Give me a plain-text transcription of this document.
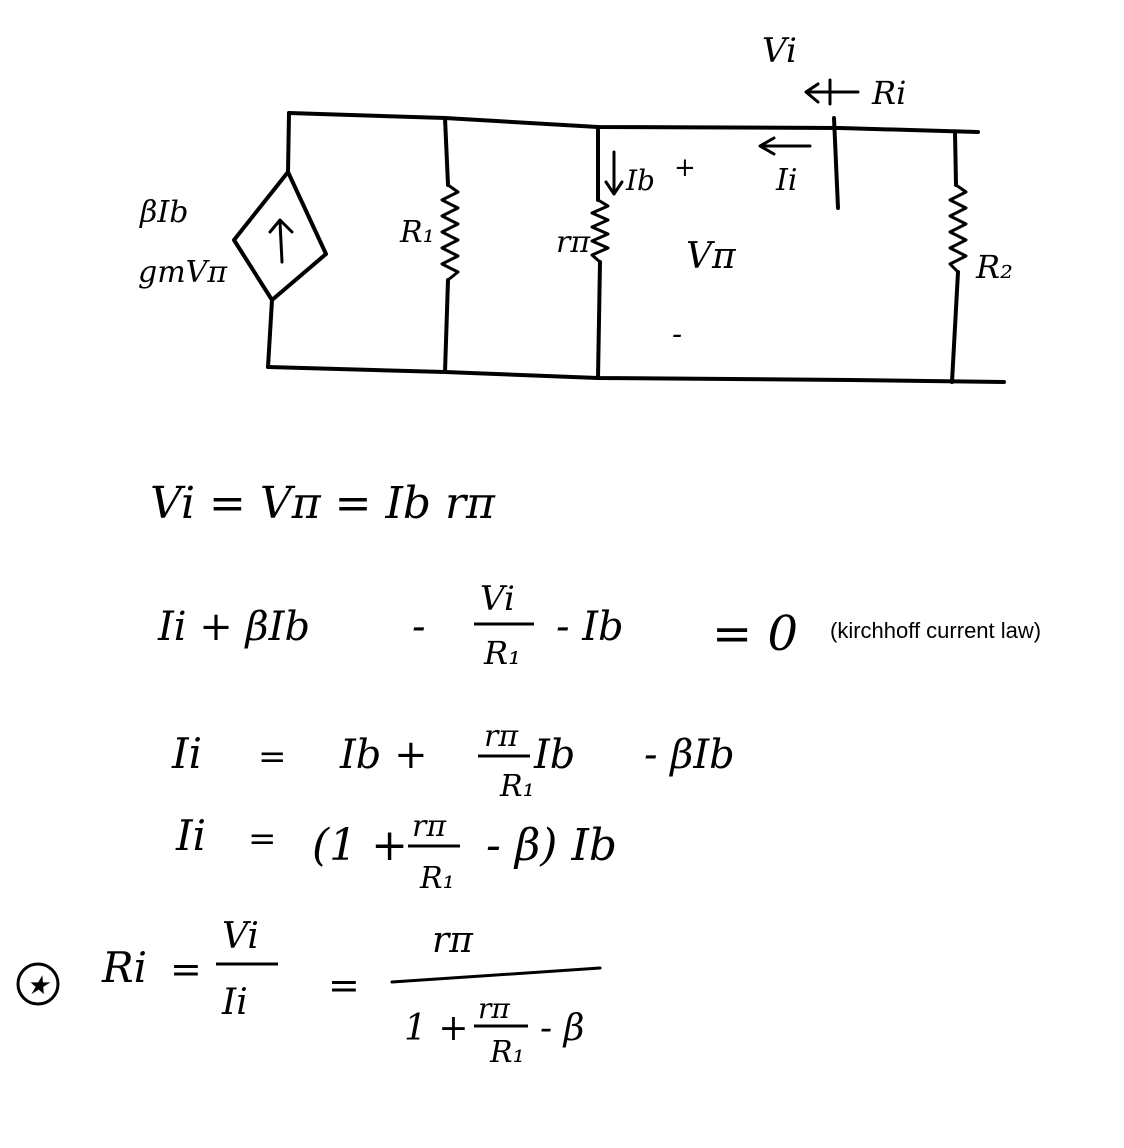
βIb
gmVπ
R₁	rπ
Ib +
Vπ
-
Ii
Vi
Ri
R₂
Vi = Vπ = Ib rπ
Ii + βIb	-
Vi
R₁
- Ib = 0 (kirchhoff current law)
Ii = Ib + rπ
R₁
Ib - βIb
Ii = (1 + rπ
R₁
- β) Ib
★ Ri =
Vi
Ii =
rπ
1 + rπ
R₁
- β
